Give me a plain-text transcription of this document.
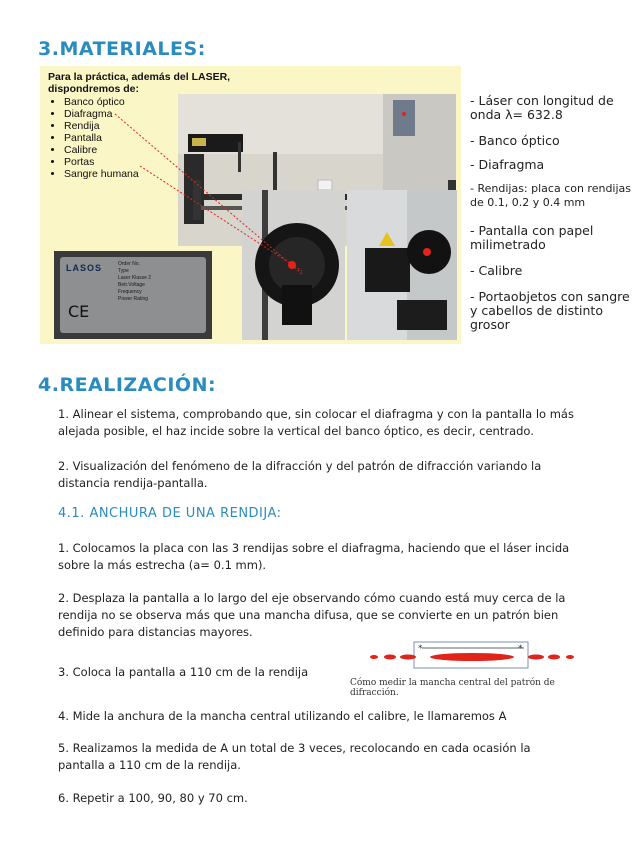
3.MATERIALES:
Para la práctica, además del LASER, dispondremos de:
• Banco óptico
• Diafragma
• Rendija
• Pantalla
• Calibre
• Portas
• Sangre humana
LASOS	Order No.
Type
Laser Klasse 2
Betr.Voltage
Frequency
Power Rating
CE
- Láser con longitud de onda λ= 632.8
- Banco óptico
- Diafragma
- Rendijas: placa con rendijas de 0.1, 0.2 y 0.4 mm
- Pantalla con papel milimetrado
- Calibre
- Portaobjetos con sangre y cabellos de distinto grosor
4.REALIZACIÓN:
1. Alinear el sistema, comprobando que, sin colocar el diafragma y con la pantalla lo más alejada posible, el haz incide sobre la vertical del banco óptico, es decir, centrado.
2. Visualización del fenómeno de la difracción y del patrón de difracción variando la distancia rendija-pantalla.
4.1. ANCHURA DE UNA RENDIJA:
1. Colocamos la placa con las 3 rendijas sobre el diafragma, haciendo que el láser incida sobre la más estrecha (a= 0.1 mm).
2. Desplaza la pantalla a lo largo del eje observando cómo cuando está muy cerca de la rendija no se observa más que una mancha difusa, que se convierte en un patrón bien definido para distancias mayores.
3. Coloca la pantalla a 110 cm de la rendija
*	*
Cómo medir la mancha central del patrón de difracción.
4. Mide la anchura de la mancha central utilizando el calibre, le llamaremos A
5. Realizamos la medida de A un total de 3 veces, recolocando en cada ocasión la pantalla a 110 cm de la rendija.
6. Repetir a 100, 90, 80 y 70 cm.
